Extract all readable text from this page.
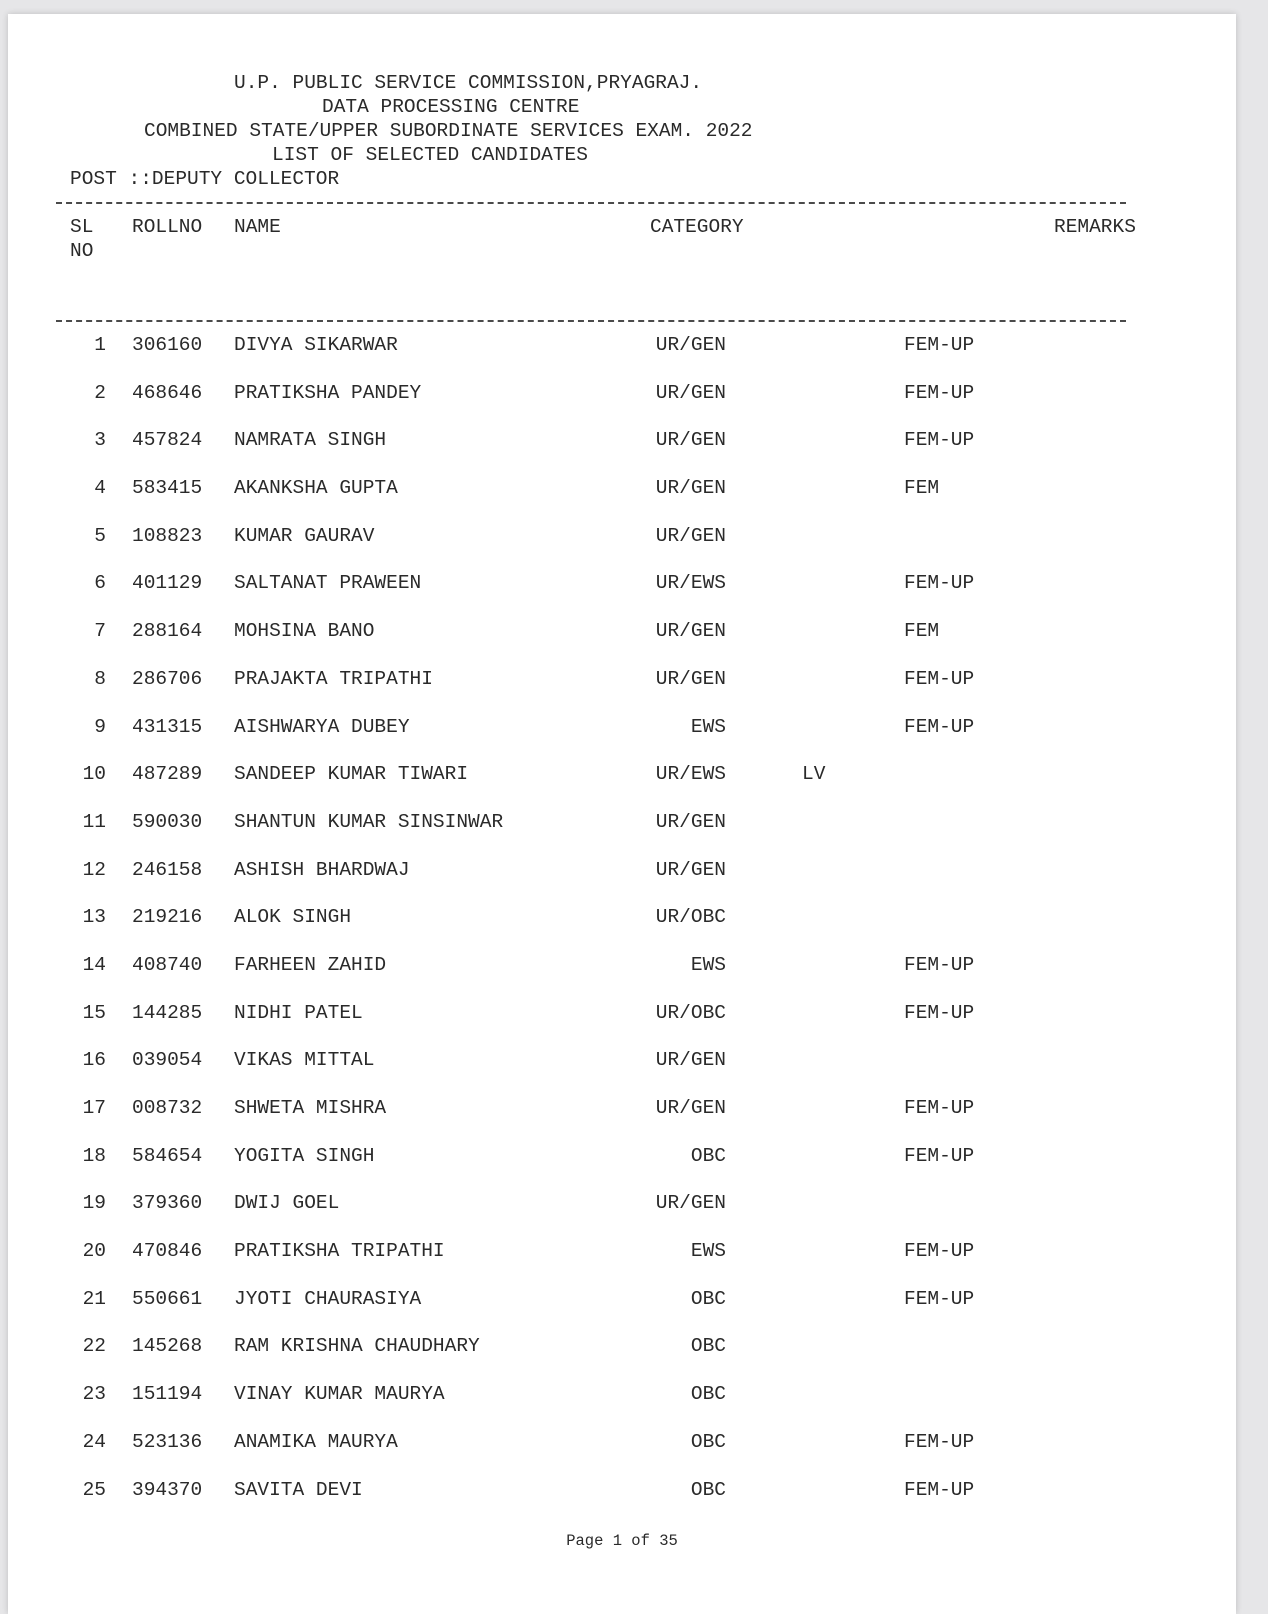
U.P. PUBLIC SERVICE COMMISSION,PRYAGRAJ.
DATA PROCESSING CENTRE
COMBINED STATE/UPPER SUBORDINATE SERVICES EXAM. 2022
LIST OF SELECTED CANDIDATES
POST ::DEPUTY COLLECTOR
SL
NO
ROLLNO NAME	CATEGORY	REMARKS
1 306160 DIVYA SIKARWAR	UR/GEN	FEM-UP
2 468646 PRATIKSHA PANDEY	UR/GEN	FEM-UP
3 457824 NAMRATA SINGH	UR/GEN	FEM-UP
4 583415 AKANKSHA GUPTA	UR/GEN	FEM
5 108823 KUMAR GAURAV	UR/GEN
6 401129 SALTANAT PRAWEEN	UR/EWS	FEM-UP
7 288164 MOHSINA BANO	UR/GEN	FEM
8 286706 PRAJAKTA TRIPATHI	UR/GEN	FEM-UP
9 431315 AISHWARYA DUBEY	EWS	FEM-UP
10 487289 SANDEEP KUMAR TIWARI	UR/EWS	LV
11 590030 SHANTUN KUMAR SINSINWAR	UR/GEN
12 246158 ASHISH BHARDWAJ	UR/GEN
13 219216 ALOK SINGH	UR/OBC
14 408740 FARHEEN ZAHID	EWS	FEM-UP
15 144285 NIDHI PATEL	UR/OBC	FEM-UP
16 039054 VIKAS MITTAL	UR/GEN
17 008732 SHWETA MISHRA	UR/GEN	FEM-UP
18 584654 YOGITA SINGH	OBC	FEM-UP
19 379360 DWIJ GOEL	UR/GEN
20 470846 PRATIKSHA TRIPATHI	EWS	FEM-UP
21 550661 JYOTI CHAURASIYA	OBC	FEM-UP
22 145268 RAM KRISHNA CHAUDHARY	OBC
23 151194 VINAY KUMAR MAURYA	OBC
24 523136 ANAMIKA MAURYA	OBC	FEM-UP
25 394370 SAVITA DEVI	OBC	FEM-UP
Page 1 of 35
